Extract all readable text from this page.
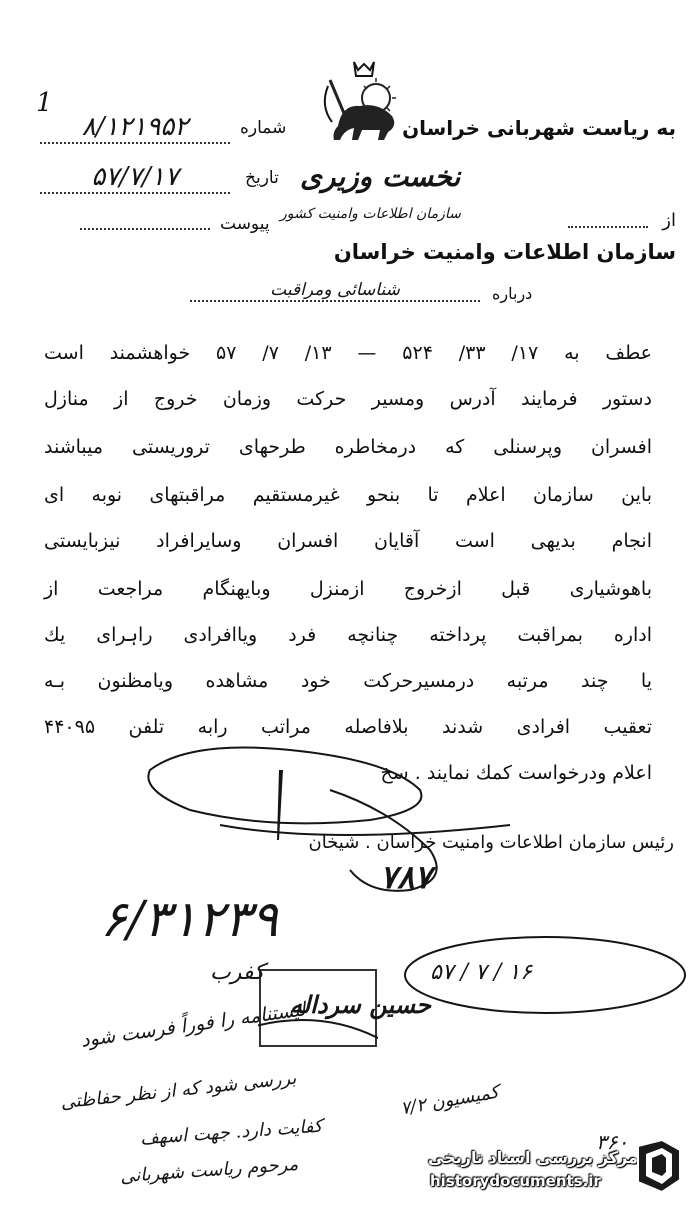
1
به ریاست شهربانی خراسان
شماره
۸/۱۲۱۹۵۲
تاریخ
۵۷/۷/۱۷
پیوست
نخست وزیری
سازمان اطلاعات وامنیت کشور	از
سازمان اطلاعات وامنیت خراسان
درباره
شناسائی ومراقبت
عطف به ۱۷/ ۳۳/ ۵۲۴ — ۱۳/ ۷/ ۵۷ خواهشمند است
دستور فرمایند آدرس ومسیر حرکت وزمان خروج از منازل
افسران وپرسنلی که درمخاطره طرحهای تروریستی میباشند
باین سازمان اعلام تا بنحو غیرمستقیم مراقبتهای نوبه ای
انجام بدیهی است آقایان افسران وسایرافراد نیزبایستی
باهوشیاری قبل ازخروج ازمنزل وبایهنگام مراجعت از
اداره بمراقبت پرداخته چنانچه فرد ویاافرادی راہرای یك
یا چند مرتبه درمسیرحرکت خود مشاهده ویامظنون بـه
تعقیب افرادی شدند بلافاصله مراتب رابه تلفن ۴۴۰۹۵
اعلام ودرخواست کمك نمایند . سخ
رئیس سازمان اطلاعات وامنیت خراسان . شیخان
۷۸۷
۶/۳۱۲۳۹
۱۶ / ۷ / ۵۷
حسین سرداله
کفرب
لیستنامه را فوراً فرست شود
بررسی شود که از نظر حفاظتی
کفایت دارد. جهت اسهف
مرحوم ریاست شهربانی
کمیسیون ۷/۲
۳۶۰
مرکز بررسی اسناد تاریخی
historydocuments.ir
